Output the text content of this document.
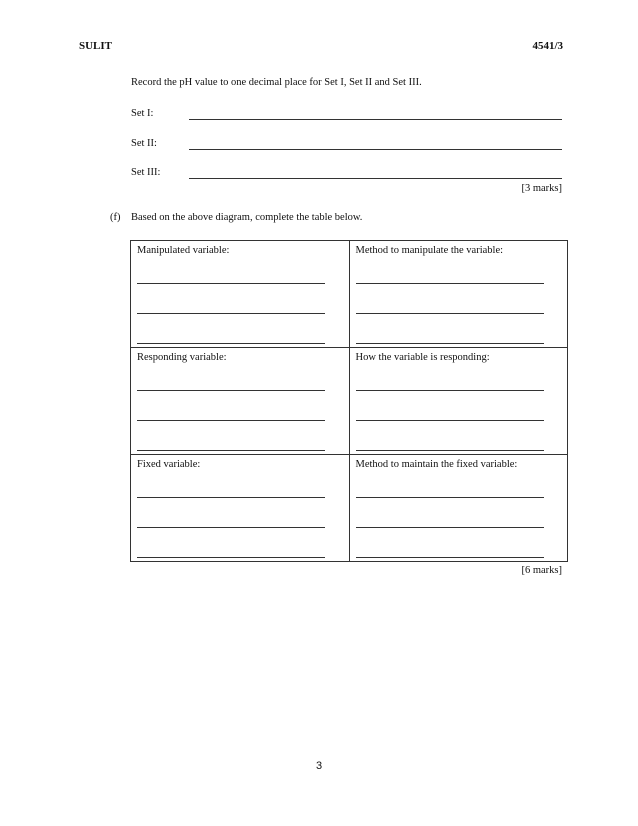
SULIT	4541/3
Record the pH value to one decimal place for Set I, Set II and Set III.
Set I:
Set II:
Set III:
[3 marks]
(f) Based on the above diagram, complete the table below.
Manipulated variable:	Method to manipulate the variable:

Responding variable:	How the variable is responding:

Fixed variable:	Method to maintain the fixed variable:
[6 marks]
3
